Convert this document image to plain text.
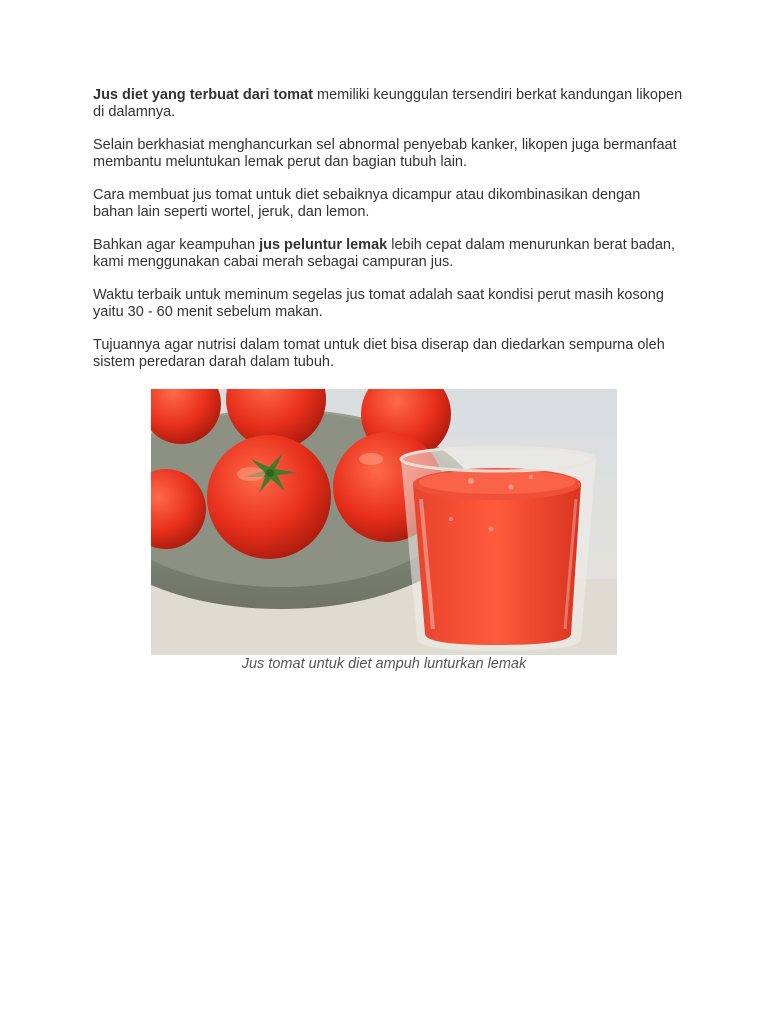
Jus diet yang terbuat dari tomat memiliki keunggulan tersendiri berkat kandungan likopen di dalamnya.

Selain berkhasiat menghancurkan sel abnormal penyebab kanker, likopen juga bermanfaat membantu meluntukan lemak perut dan bagian tubuh lain.

Cara membuat jus tomat untuk diet sebaiknya dicampur atau dikombinasikan dengan bahan lain seperti wortel, jeruk, dan lemon.

Bahkan agar keampuhan jus peluntur lemak lebih cepat dalam menurunkan berat badan, kami menggunakan cabai merah sebagai campuran jus.

Waktu terbaik untuk meminum segelas jus tomat adalah saat kondisi perut masih kosong yaitu 30 - 60 menit sebelum makan.

Tujuannya agar nutrisi dalam tomat untuk diet bisa diserap dan diedarkan sempurna oleh sistem peredaran darah dalam tubuh.

Jus tomat untuk diet ampuh lunturkan lemak
